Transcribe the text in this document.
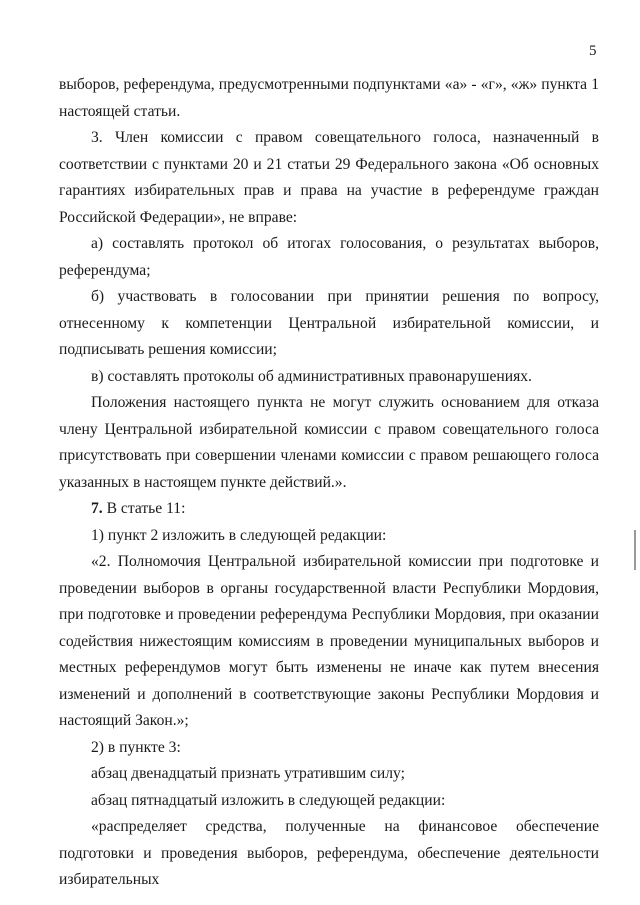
5

выборов, референдума, предусмотренными подпунктами «а» - «г», «ж» пункта 1 настоящей статьи.

3. Член комиссии с правом совещательного голоса, назначенный в соответствии с пунктами 20 и 21 статьи 29 Федерального закона «Об основных гарантиях избирательных прав и права на участие в референдуме граждан Российской Федерации», не вправе:

а) составлять протокол об итогах голосования, о результатах выборов, референдума;

б) участвовать в голосовании при принятии решения по вопросу, отнесенному к компетенции Центральной избирательной комиссии, и подписывать решения комиссии;

в) составлять протоколы об административных правонарушениях.

Положения настоящего пункта не могут служить основанием для отказа члену Центральной избирательной комиссии с правом совещательного голоса присутствовать при совершении членами комиссии с правом решающего голоса указанных в настоящем пункте действий.».

7. В статье 11:

1) пункт 2 изложить в следующей редакции:

«2. Полномочия Центральной избирательной комиссии при подготовке и проведении выборов в органы государственной власти Республики Мордовия, при подготовке и проведении референдума Республики Мордовия, при оказании содействия нижестоящим комиссиям в проведении муниципальных выборов и местных референдумов могут быть изменены не иначе как путем внесения изменений и дополнений в соответствующие законы Республики Мордовия и настоящий Закон.»;

2) в пункте 3:

абзац двенадцатый признать утратившим силу;

абзац пятнадцатый изложить в следующей редакции:

«распределяет средства, полученные на финансовое обеспечение подготовки и проведения выборов, референдума, обеспечение деятельности избирательных
